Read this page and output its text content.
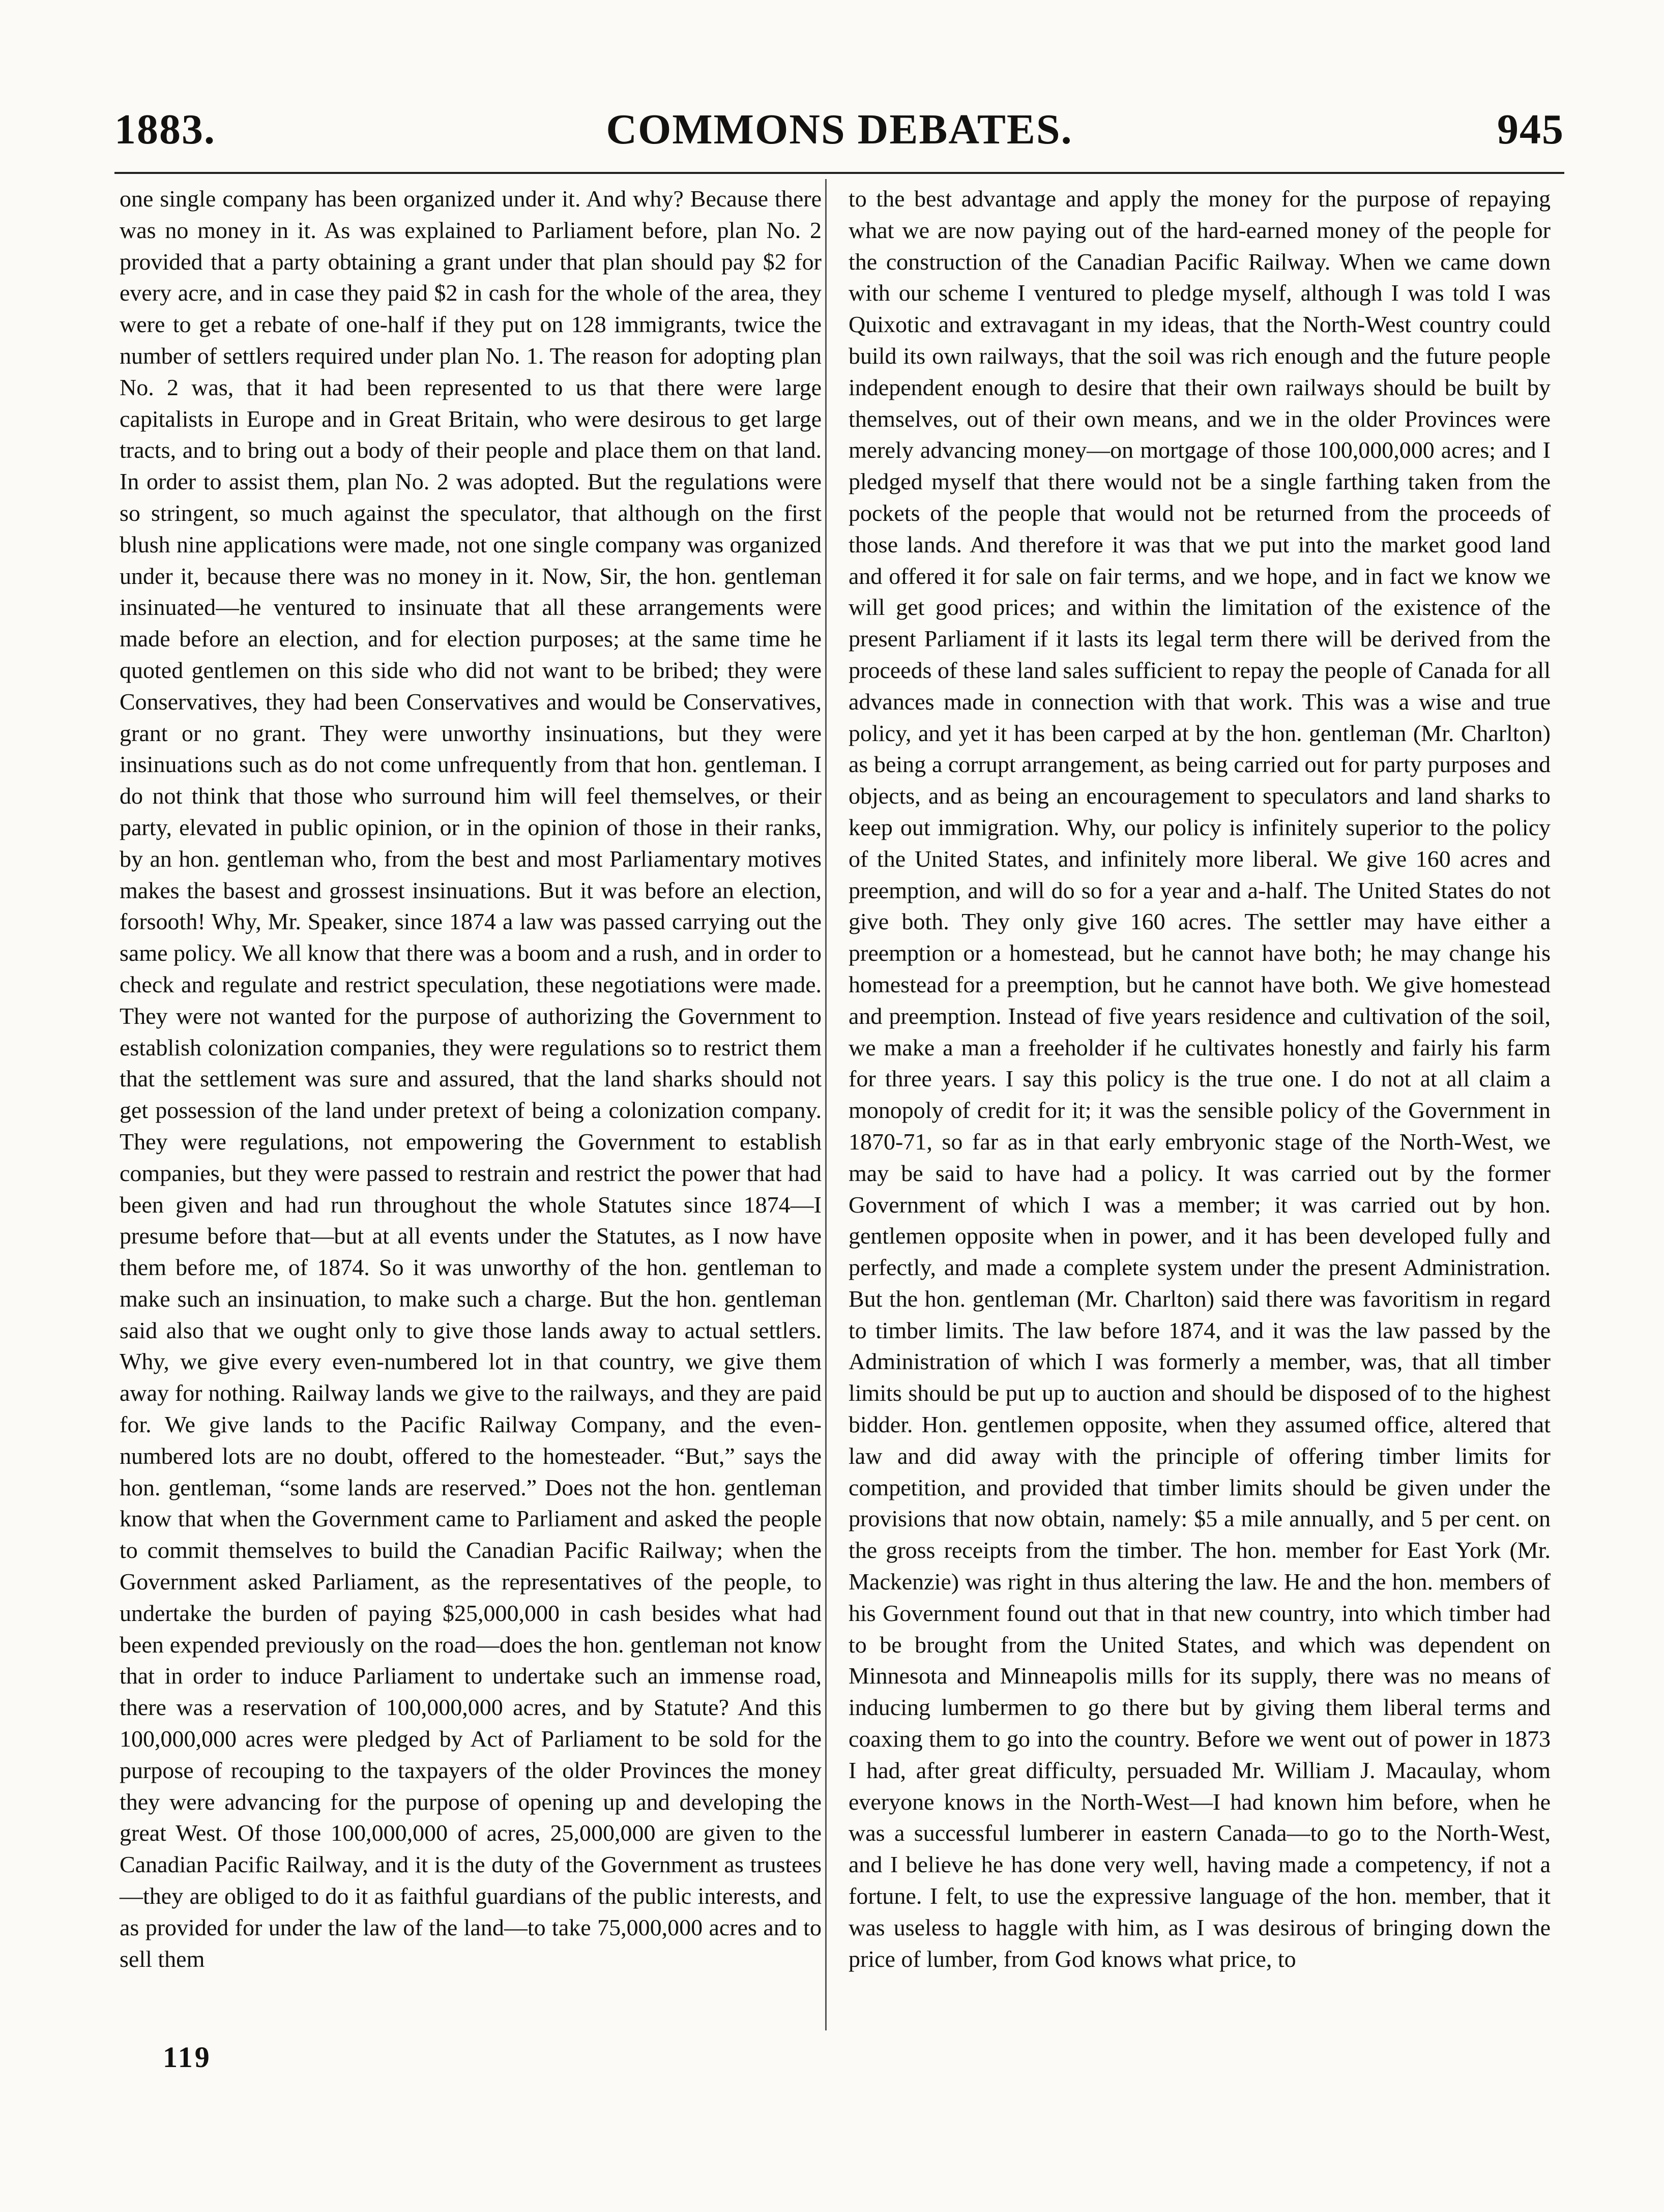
1883.	COMMONS DEBATES.	945

one single company has been organized under it. And why? Because there was no money in it. As was explained to Parliament before, plan No. 2 provided that a party obtaining a grant under that plan should pay $2 for every acre, and in case they paid $2 in cash for the whole of the area, they were to get a rebate of one-half if they put on 128 immigrants, twice the number of settlers required under plan No. 1. The reason for adopting plan No. 2 was, that it had been represented to us that there were large capitalists in Europe and in Great Britain, who were desirous to get large tracts, and to bring out a body of their people and place them on that land. In order to assist them, plan No. 2 was adopted. But the regulations were so stringent, so much against the speculator, that although on the first blush nine applications were made, not one single company was organized under it, because there was no money in it. Now, Sir, the hon. gentleman insinuated—he ventured to insinuate that all these arrangements were made before an election, and for election purposes; at the same time he quoted gentlemen on this side who did not want to be bribed; they were Conservatives, they had been Conservatives and would be Conservatives, grant or no grant. They were unworthy insinuations, but they were insinuations such as do not come unfrequently from that hon. gentleman. I do not think that those who surround him will feel themselves, or their party, elevated in public opinion, or in the opinion of those in their ranks, by an hon. gentleman who, from the best and most Parliamentary motives makes the basest and grossest insinuations. But it was before an election, forsooth! Why, Mr. Speaker, since 1874 a law was passed carrying out the same policy. We all know that there was a boom and a rush, and in order to check and regulate and restrict speculation, these negotiations were made. They were not wanted for the purpose of authorizing the Government to establish colonization companies, they were regulations so to restrict them that the settlement was sure and assured, that the land sharks should not get possession of the land under pretext of being a colonization company. They were regulations, not empowering the Government to establish companies, but they were passed to restrain and restrict the power that had been given and had run throughout the whole Statutes since 1874—I presume before that—but at all events under the Statutes, as I now have them before me, of 1874. So it was unworthy of the hon. gentleman to make such an insinuation, to make such a charge. But the hon. gentleman said also that we ought only to give those lands away to actual settlers. Why, we give every even-numbered lot in that country, we give them away for nothing. Railway lands we give to the railways, and they are paid for. We give lands to the Pacific Railway Company, and the even-numbered lots are no doubt, offered to the homesteader. “But,” says the hon. gentleman, “some lands are reserved.” Does not the hon. gentleman know that when the Government came to Parliament and asked the people to commit themselves to build the Canadian Pacific Railway; when the Government asked Parliament, as the representatives of the people, to undertake the burden of paying $25,000,000 in cash besides what had been expended previously on the road—does the hon. gentleman not know that in order to induce Parliament to undertake such an immense road, there was a reservation of 100,000,000 acres, and by Statute? And this 100,000,000 acres were pledged by Act of Parliament to be sold for the purpose of recouping to the taxpayers of the older Provinces the money they were advancing for the purpose of opening up and developing the great West. Of those 100,000,000 of acres, 25,000,000 are given to the Canadian Pacific Railway, and it is the duty of the Government as trustees—they are obliged to do it as faithful guardians of the public interests, and as provided for under the law of the land—to take 75,000,000 acres and to sell them

to the best advantage and apply the money for the purpose of repaying what we are now paying out of the hard-earned money of the people for the construction of the Canadian Pacific Railway. When we came down with our scheme I ventured to pledge myself, although I was told I was Quixotic and extravagant in my ideas, that the North-West country could build its own railways, that the soil was rich enough and the future people independent enough to desire that their own railways should be built by themselves, out of their own means, and we in the older Provinces were merely advancing money—on mortgage of those 100,000,000 acres; and I pledged myself that there would not be a single farthing taken from the pockets of the people that would not be returned from the proceeds of those lands. And therefore it was that we put into the market good land and offered it for sale on fair terms, and we hope, and in fact we know we will get good prices; and within the limitation of the existence of the present Parliament if it lasts its legal term there will be derived from the proceeds of these land sales sufficient to repay the people of Canada for all advances made in connection with that work. This was a wise and true policy, and yet it has been carped at by the hon. gentleman (Mr. Charlton) as being a corrupt arrangement, as being carried out for party purposes and objects, and as being an encouragement to speculators and land sharks to keep out immigration. Why, our policy is infinitely superior to the policy of the United States, and infinitely more liberal. We give 160 acres and preemption, and will do so for a year and a-half. The United States do not give both. They only give 160 acres. The settler may have either a preemption or a homestead, but he cannot have both; he may change his homestead for a preemption, but he cannot have both. We give homestead and preemption. Instead of five years residence and cultivation of the soil, we make a man a freeholder if he cultivates honestly and fairly his farm for three years. I say this policy is the true one. I do not at all claim a monopoly of credit for it; it was the sensible policy of the Government in 1870-71, so far as in that early embryonic stage of the North-West, we may be said to have had a policy. It was carried out by the former Government of which I was a member; it was carried out by hon. gentlemen opposite when in power, and it has been developed fully and perfectly, and made a complete system under the present Administration. But the hon. gentleman (Mr. Charlton) said there was favoritism in regard to timber limits. The law before 1874, and it was the law passed by the Administration of which I was formerly a member, was, that all timber limits should be put up to auction and should be disposed of to the highest bidder. Hon. gentlemen opposite, when they assumed office, altered that law and did away with the principle of offering timber limits for competition, and provided that timber limits should be given under the provisions that now obtain, namely: $5 a mile annually, and 5 per cent. on the gross receipts from the timber. The hon. member for East York (Mr. Mackenzie) was right in thus altering the law. He and the hon. members of his Government found out that in that new country, into which timber had to be brought from the United States, and which was dependent on Minnesota and Minneapolis mills for its supply, there was no means of inducing lumbermen to go there but by giving them liberal terms and coaxing them to go into the country. Before we went out of power in 1873 I had, after great difficulty, persuaded Mr. William J. Macaulay, whom everyone knows in the North-West—I had known him before, when he was a successful lumberer in eastern Canada—to go to the North-West, and I believe he has done very well, having made a competency, if not a fortune. I felt, to use the expressive language of the hon. member, that it was useless to haggle with him, as I was desirous of bringing down the price of lumber, from God knows what price, to

119
